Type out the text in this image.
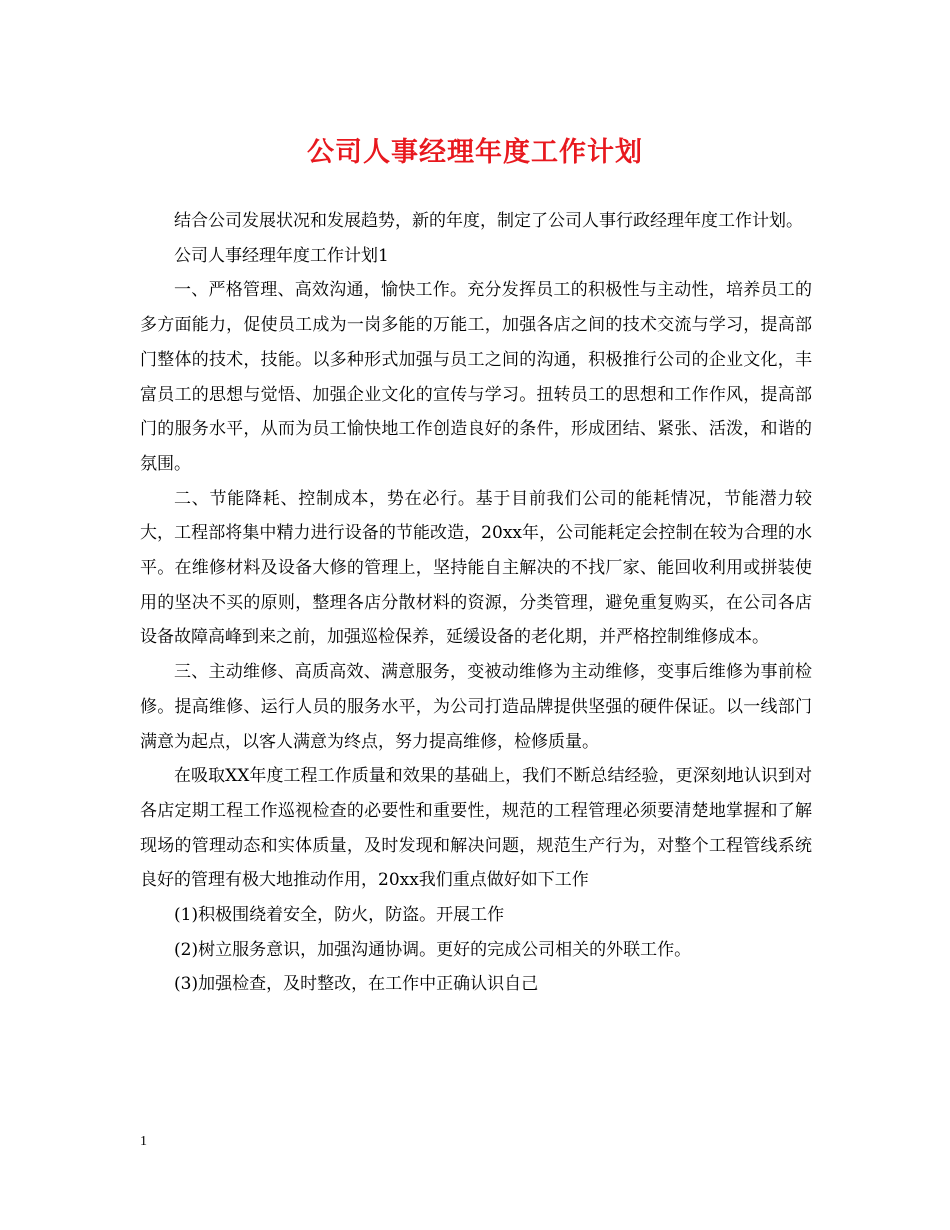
公司人事经理年度工作计划

结合公司发展状况和发展趋势，新的年度，制定了公司人事行政经理年度工作计划。

公司人事经理年度工作计划1

一、严格管理、高效沟通，愉快工作。充分发挥员工的积极性与主动性，培养员工的多方面能力，促使员工成为一岗多能的万能工，加强各店之间的技术交流与学习，提高部门整体的技术，技能。以多种形式加强与员工之间的沟通，积极推行公司的企业文化，丰富员工的思想与觉悟、加强企业文化的宣传与学习。扭转员工的思想和工作作风，提高部门的服务水平，从而为员工愉快地工作创造良好的条件，形成团结、紧张、活泼，和谐的氛围。

二、节能降耗、控制成本，势在必行。基于目前我们公司的能耗情况，节能潜力较大，工程部将集中精力进行设备的节能改造，20xx年，公司能耗定会控制在较为合理的水平。在维修材料及设备大修的管理上，坚持能自主解决的不找厂家、能回收利用或拼装使用的坚决不买的原则，整理各店分散材料的资源，分类管理，避免重复购买，在公司各店设备故障高峰到来之前，加强巡检保养，延缓设备的老化期，并严格控制维修成本。

三、主动维修、高质高效、满意服务，变被动维修为主动维修，变事后维修为事前检修。提高维修、运行人员的服务水平，为公司打造品牌提供坚强的硬件保证。以一线部门满意为起点，以客人满意为终点，努力提高维修，检修质量。

在吸取XX年度工程工作质量和效果的基础上，我们不断总结经验，更深刻地认识到对各店定期工程工作巡视检查的必要性和重要性，规范的工程管理必须要清楚地掌握和了解现场的管理动态和实体质量，及时发现和解决问题，规范生产行为，对整个工程管线系统良好的管理有极大地推动作用，20xx我们重点做好如下工作

(1)积极围绕着安全，防火，防盗。开展工作

(2)树立服务意识，加强沟通协调。更好的完成公司相关的外联工作。

(3)加强检查，及时整改，在工作中正确认识自己

1
